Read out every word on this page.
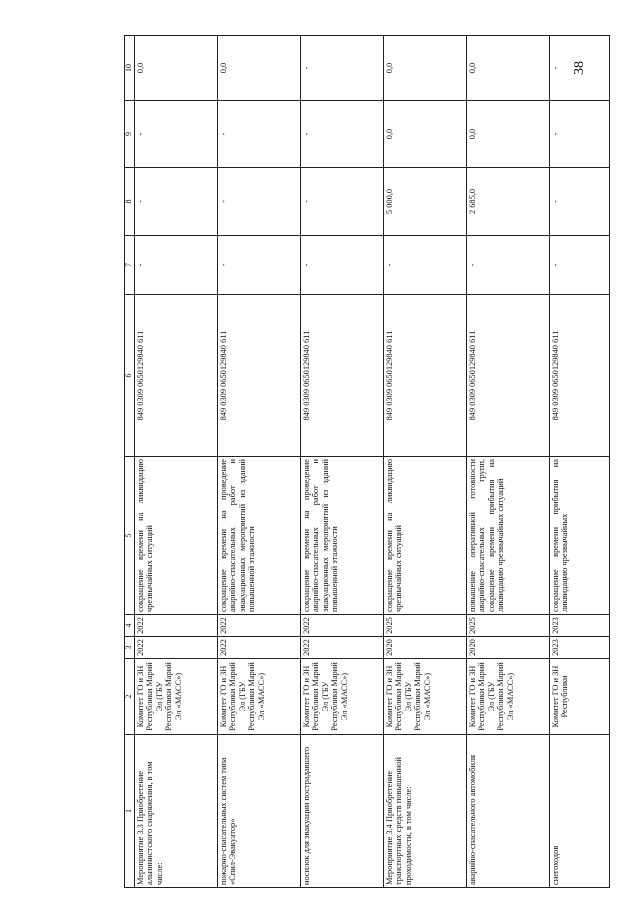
38
1	2	3	4	5	6	7	8	9	10
Мероприятие 3.3 Приобретение альпинистского снаряжения, в том числе:	Комитет ГО и ЗН Республики Марий Эл (ГБУ Республики Марий Эл «МАСС»)	2022	2022	сокращение времени на ликвидацию чрезвычайных ситуаций	849 0309 0650129840 611	-	-	-	0,0
пожарно-спасательных систем типа «Спил-Эвакуатор»	Комитет ГО и ЗН Республики Марий Эл (ГБУ Республики Марий Эл «МАСС»)	2022	2022	сокращение времени на проведение аварийно-спасательных работ и эвакуационных мероприятий из зданий повышенной этажности	849 0309 0650129840 611	-	-	-	0,0
носилок для эвакуации пострадавшего	Комитет ГО и ЗН Республики Марий Эл (ГБУ Республики Марий Эл «МАСС»)	2022	2022	сокращение времени на проведение аварийно-спасательных работ и эвакуационных мероприятий из зданий повышенной этажности	849 0309 0650129840 611	-	-	-	-
Мероприятие 3.4 Приобретение транспортных средств повышенной проходимости, в том числе:	Комитет ГО и ЗН Республики Марий Эл (ГБУ Республики Марий Эл «МАСС»)	2020	2025	сокращение времени на ликвидацию чрезвычайных ситуаций	849 0309 0650129840 611	-	5 000,0	0,0	0,0
аварийно-спасательного автомобиля	Комитет ГО и ЗН Республики Марий Эл (ГБУ Республики Марий Эл «МАСС»)	2020	2025	повышение оперативной готовности аварийно-спасательных групп, сокращение времени прибытия на ликвидацию чрезвычайных ситуаций	849 0309 0650129840 611	-	2 685,0	0,0	0,0
снегоходов	Комитет ГО и ЗН Республики	2023	2023	сокращение времени прибытия на ликвидацию чрезвычайных	849 0309 0650129840 611	-	-	-	-
